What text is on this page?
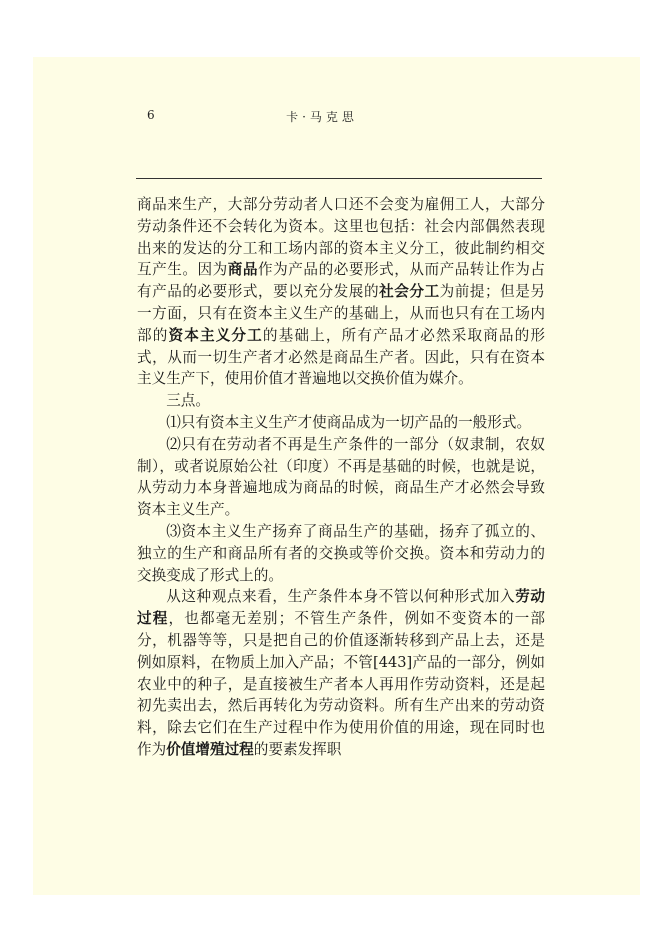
6	卡·马克思

商品来生产，大部分劳动者人口还不会变为雇佣工人，大部分劳动条件还不会转化为资本。这里也包括：社会内部偶然表现出来的发达的分工和工场内部的资本主义分工，彼此制约相交互产生。因为商品作为产品的必要形式，从而产品转让作为占有产品的必要形式，要以充分发展的社会分工为前提；但是另一方面，只有在资本主义生产的基础上，从而也只有在工场内部的资本主义分工的基础上，所有产品才必然采取商品的形式，从而一切生产者才必然是商品生产者。因此，只有在资本主义生产下，使用价值才普遍地以交换价值为媒介。

三点。

⑴只有资本主义生产才使商品成为一切产品的一般形式。

⑵只有在劳动者不再是生产条件的一部分（奴隶制，农奴制），或者说原始公社（印度）不再是基础的时候，也就是说，从劳动力本身普遍地成为商品的时候，商品生产才必然会导致资本主义生产。

⑶资本主义生产扬弃了商品生产的基础，扬弃了孤立的、独立的生产和商品所有者的交换或等价交换。资本和劳动力的交换变成了形式上的。

从这种观点来看，生产条件本身不管以何种形式加入劳动过程，也都毫无差别；不管生产条件，例如不变资本的一部分，机器等等，只是把自己的价值逐渐转移到产品上去，还是例如原料，在物质上加入产品；不管[443]产品的一部分，例如农业中的种子，是直接被生产者本人再用作劳动资料，还是起初先卖出去，然后再转化为劳动资料。所有生产出来的劳动资料，除去它们在生产过程中作为使用价值的用途，现在同时也作为价值增殖过程的要素发挥职
